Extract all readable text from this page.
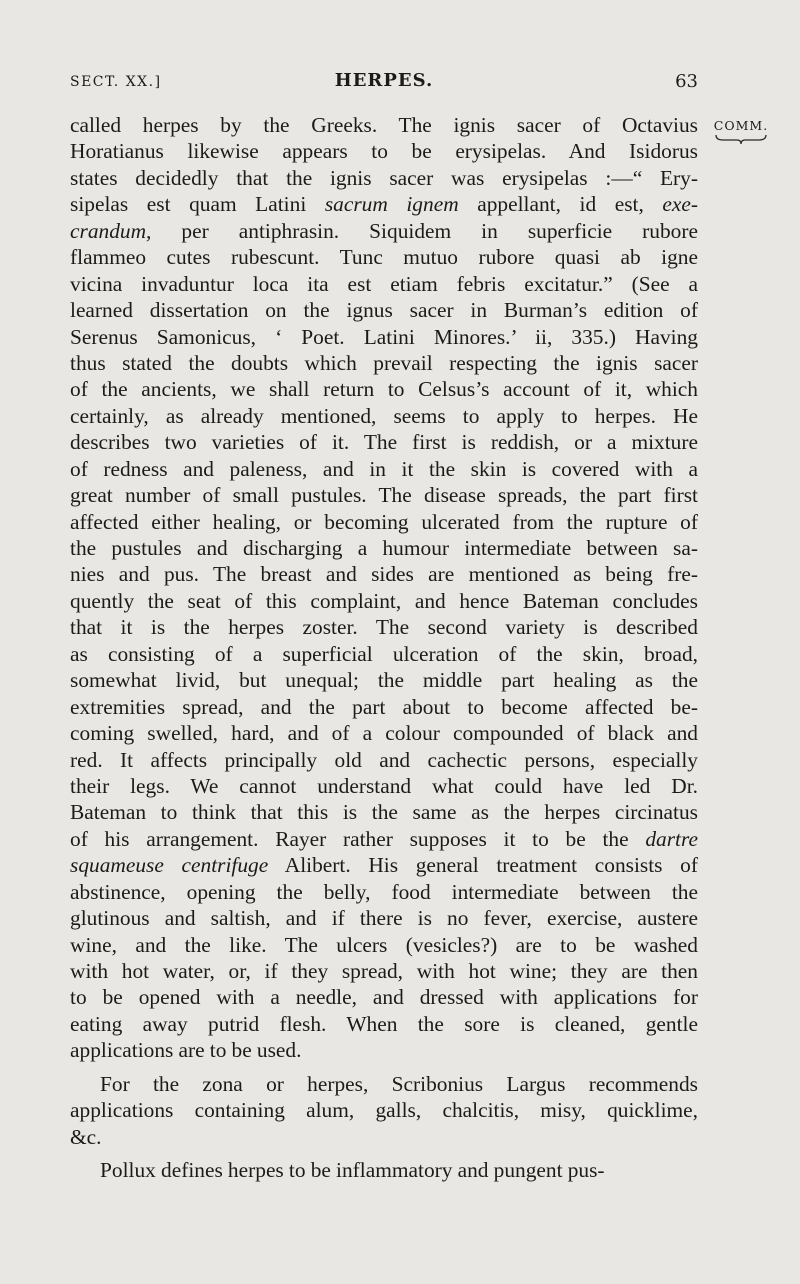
SECT. XX.]	HERPES.	63
COMM.
called herpes by the Greeks. The ignis sacer of Octavius
Horatianus likewise appears to be erysipelas. And Isidorus
states decidedly that the ignis sacer was erysipelas :—“ Ery-
sipelas est quam Latini sacrum ignem appellant, id est, exe-
crandum, per antiphrasin. Siquidem in superficie rubore
flammeo cutes rubescunt. Tunc mutuo rubore quasi ab igne
vicina invaduntur loca ita est etiam febris excitatur.” (See a
learned dissertation on the ignus sacer in Burman’s edition of
Serenus Samonicus, ‘ Poet. Latini Minores.’ ii, 335.) Having
thus stated the doubts which prevail respecting the ignis sacer
of the ancients, we shall return to Celsus’s account of it, which
certainly, as already mentioned, seems to apply to herpes. He
describes two varieties of it. The first is reddish, or a mixture
of redness and paleness, and in it the skin is covered with a
great number of small pustules. The disease spreads, the part first
affected either healing, or becoming ulcerated from the rupture of
the pustules and discharging a humour intermediate between sa-
nies and pus. The breast and sides are mentioned as being fre-
quently the seat of this complaint, and hence Bateman concludes
that it is the herpes zoster. The second variety is described
as consisting of a superficial ulceration of the skin, broad,
somewhat livid, but unequal; the middle part healing as the
extremities spread, and the part about to become affected be-
coming swelled, hard, and of a colour compounded of black and
red. It affects principally old and cachectic persons, especially
their legs. We cannot understand what could have led Dr.
Bateman to think that this is the same as the herpes circinatus
of his arrangement. Rayer rather supposes it to be the dartre
squameuse centrifuge Alibert. His general treatment consists of
abstinence, opening the belly, food intermediate between the
glutinous and saltish, and if there is no fever, exercise, austere
wine, and the like. The ulcers (vesicles?) are to be washed
with hot water, or, if they spread, with hot wine; they are then
to be opened with a needle, and dressed with applications for
eating away putrid flesh. When the sore is cleaned, gentle
applications are to be used.
For the zona or herpes, Scribonius Largus recommends
applications containing alum, galls, chalcitis, misy, quicklime,
&c.
Pollux defines herpes to be inflammatory and pungent pus-
